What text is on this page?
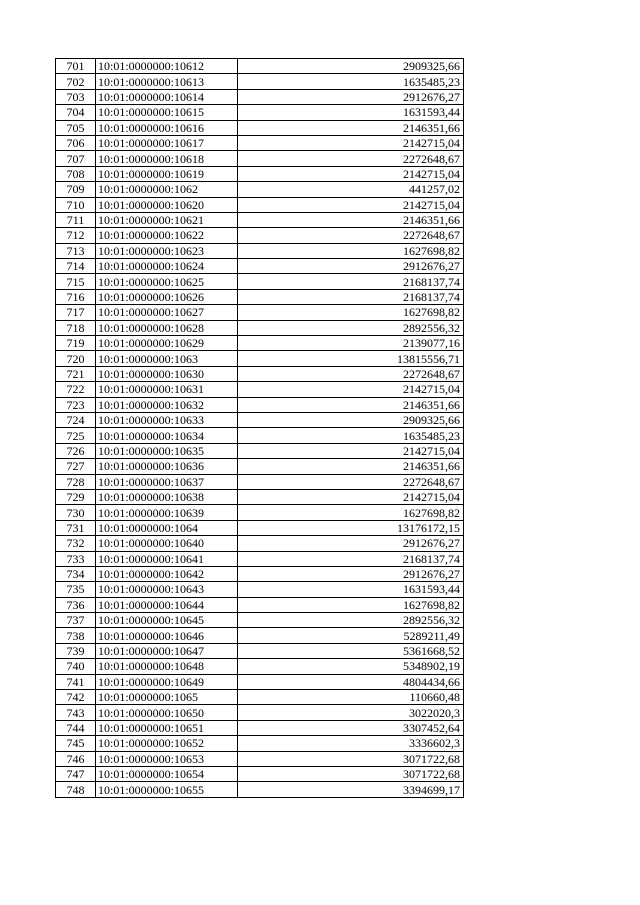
701	10:01:0000000:10612	2909325,66
702	10:01:0000000:10613	1635485,23
703	10:01:0000000:10614	2912676,27
704	10:01:0000000:10615	1631593,44
705	10:01:0000000:10616	2146351,66
706	10:01:0000000:10617	2142715,04
707	10:01:0000000:10618	2272648,67
708	10:01:0000000:10619	2142715,04
709	10:01:0000000:1062	441257,02
710	10:01:0000000:10620	2142715,04
711	10:01:0000000:10621	2146351,66
712	10:01:0000000:10622	2272648,67
713	10:01:0000000:10623	1627698,82
714	10:01:0000000:10624	2912676,27
715	10:01:0000000:10625	2168137,74
716	10:01:0000000:10626	2168137,74
717	10:01:0000000:10627	1627698,82
718	10:01:0000000:10628	2892556,32
719	10:01:0000000:10629	2139077,16
720	10:01:0000000:1063	13815556,71
721	10:01:0000000:10630	2272648,67
722	10:01:0000000:10631	2142715,04
723	10:01:0000000:10632	2146351,66
724	10:01:0000000:10633	2909325,66
725	10:01:0000000:10634	1635485,23
726	10:01:0000000:10635	2142715,04
727	10:01:0000000:10636	2146351,66
728	10:01:0000000:10637	2272648,67
729	10:01:0000000:10638	2142715,04
730	10:01:0000000:10639	1627698,82
731	10:01:0000000:1064	13176172,15
732	10:01:0000000:10640	2912676,27
733	10:01:0000000:10641	2168137,74
734	10:01:0000000:10642	2912676,27
735	10:01:0000000:10643	1631593,44
736	10:01:0000000:10644	1627698,82
737	10:01:0000000:10645	2892556,32
738	10:01:0000000:10646	5289211,49
739	10:01:0000000:10647	5361668,52
740	10:01:0000000:10648	5348902,19
741	10:01:0000000:10649	4804434,66
742	10:01:0000000:1065	110660,48
743	10:01:0000000:10650	3022020,3
744	10:01:0000000:10651	3307452,64
745	10:01:0000000:10652	3336602,3
746	10:01:0000000:10653	3071722,68
747	10:01:0000000:10654	3071722,68
748	10:01:0000000:10655	3394699,17
